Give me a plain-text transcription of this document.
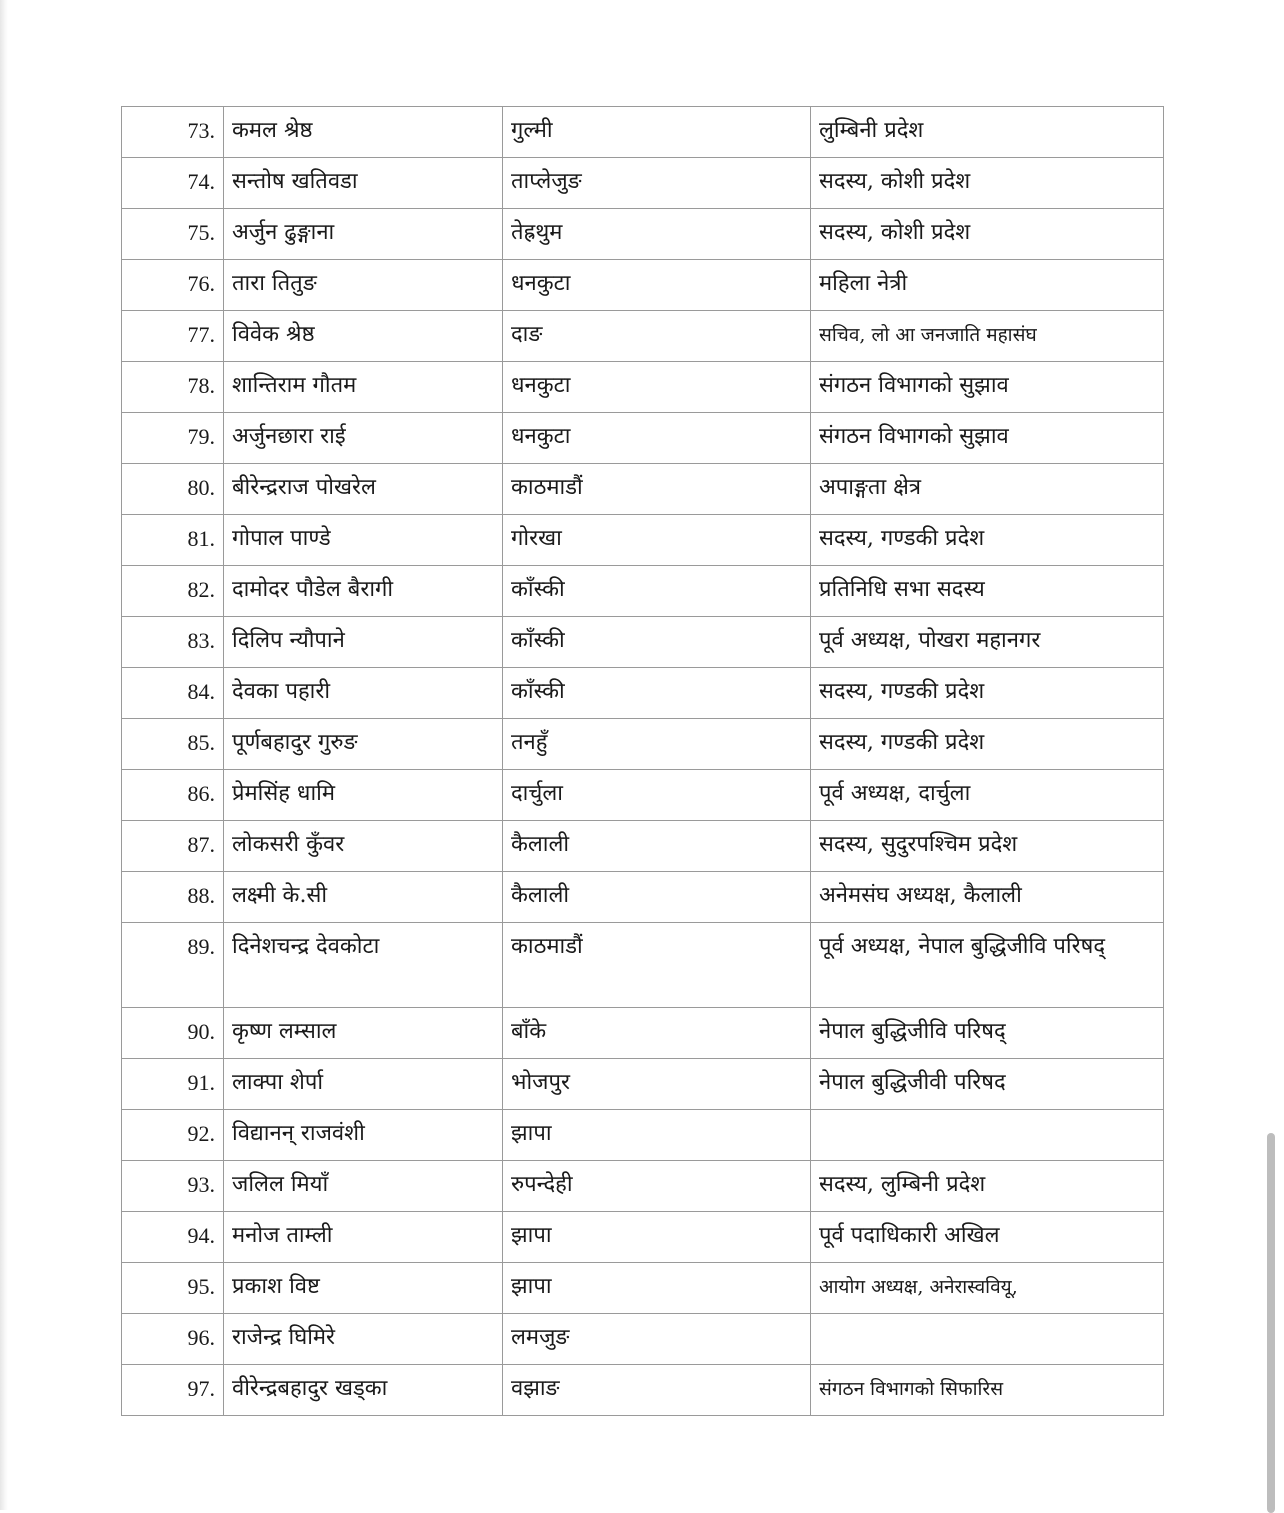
73.	कमल श्रेष्ठ	गुल्मी	लुम्बिनी प्रदेश
74.	सन्तोष खतिवडा	ताप्लेजुङ	सदस्य, कोशी प्रदेश
75.	अर्जुन ढुङ्गाना	तेह्रथुम	सदस्य, कोशी प्रदेश
76.	तारा तितुङ	धनकुटा	महिला नेत्री
77.	विवेक श्रेष्ठ	दाङ	सचिव, लो आ जनजाति महासंघ
78.	शान्तिराम गौतम	धनकुटा	संगठन विभागको सुझाव
79.	अर्जुनछारा राई	धनकुटा	संगठन विभागको सुझाव
80.	बीरेन्द्रराज पोखरेल	काठमाडौं	अपाङ्गता क्षेत्र
81.	गोपाल पाण्डे	गोरखा	सदस्य, गण्डकी प्रदेश
82.	दामोदर पौडेल बैरागी	काँस्की	प्रतिनिधि सभा सदस्य
83.	दिलिप न्यौपाने	काँस्की	पूर्व अध्यक्ष, पोखरा महानगर
84.	देवका पहारी	काँस्की	सदस्य, गण्डकी प्रदेश
85.	पूर्णबहादुर गुरुङ	तनहुँ	सदस्य, गण्डकी प्रदेश
86.	प्रेमसिंह धामि	दार्चुला	पूर्व अध्यक्ष, दार्चुला
87.	लोकसरी कुँवर	कैलाली	सदस्य, सुदुरपश्चिम प्रदेश
88.	लक्ष्मी के.सी	कैलाली	अनेमसंघ अध्यक्ष, कैलाली
89.	दिनेशचन्द्र देवकोटा	काठमाडौं	पूर्व अध्यक्ष, नेपाल बुद्धिजीवि परिषद्
90.	कृष्ण लम्साल	बाँके	नेपाल बुद्धिजीवि परिषद्
91.	लाक्पा शेर्पा	भोजपुर	नेपाल बुद्धिजीवी परिषद
92.	विद्यानन् राजवंशी	झापा	
93.	जलिल मियाँ	रुपन्देही	सदस्य, लुम्बिनी प्रदेश
94.	मनोज ताम्ली	झापा	पूर्व पदाधिकारी अखिल
95.	प्रकाश विष्ट	झापा	आयोग अध्यक्ष, अनेरास्ववियू,
96.	राजेन्द्र घिमिरे	लमजुङ	
97.	वीरेन्द्रबहादुर खड्का	वझाङ	संगठन विभागको सिफारिस
